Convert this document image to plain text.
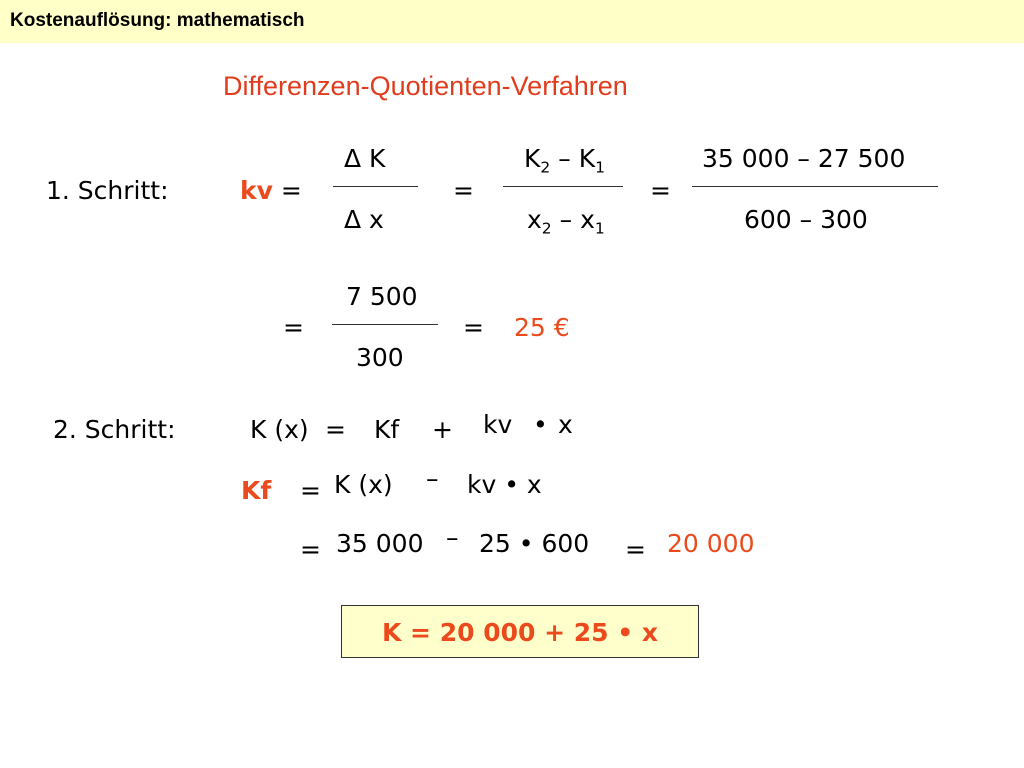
Kostenauflösung: mathematisch
Differenzen-Quotienten-Verfahren
1. Schritt:	kv =
Δ K
Δ x
=
$K_2 - K_1$
$x_2 - x_1$
=
35 000 – 27 500
600 – 300
=
7 500
300
= 25 €
2. Schritt:	K (x) = Kf + kv • x
Kf = K (x) – kv • x
= 35 000 – 25 • 600 = 20 000
K = 20 000 + 25 • x
